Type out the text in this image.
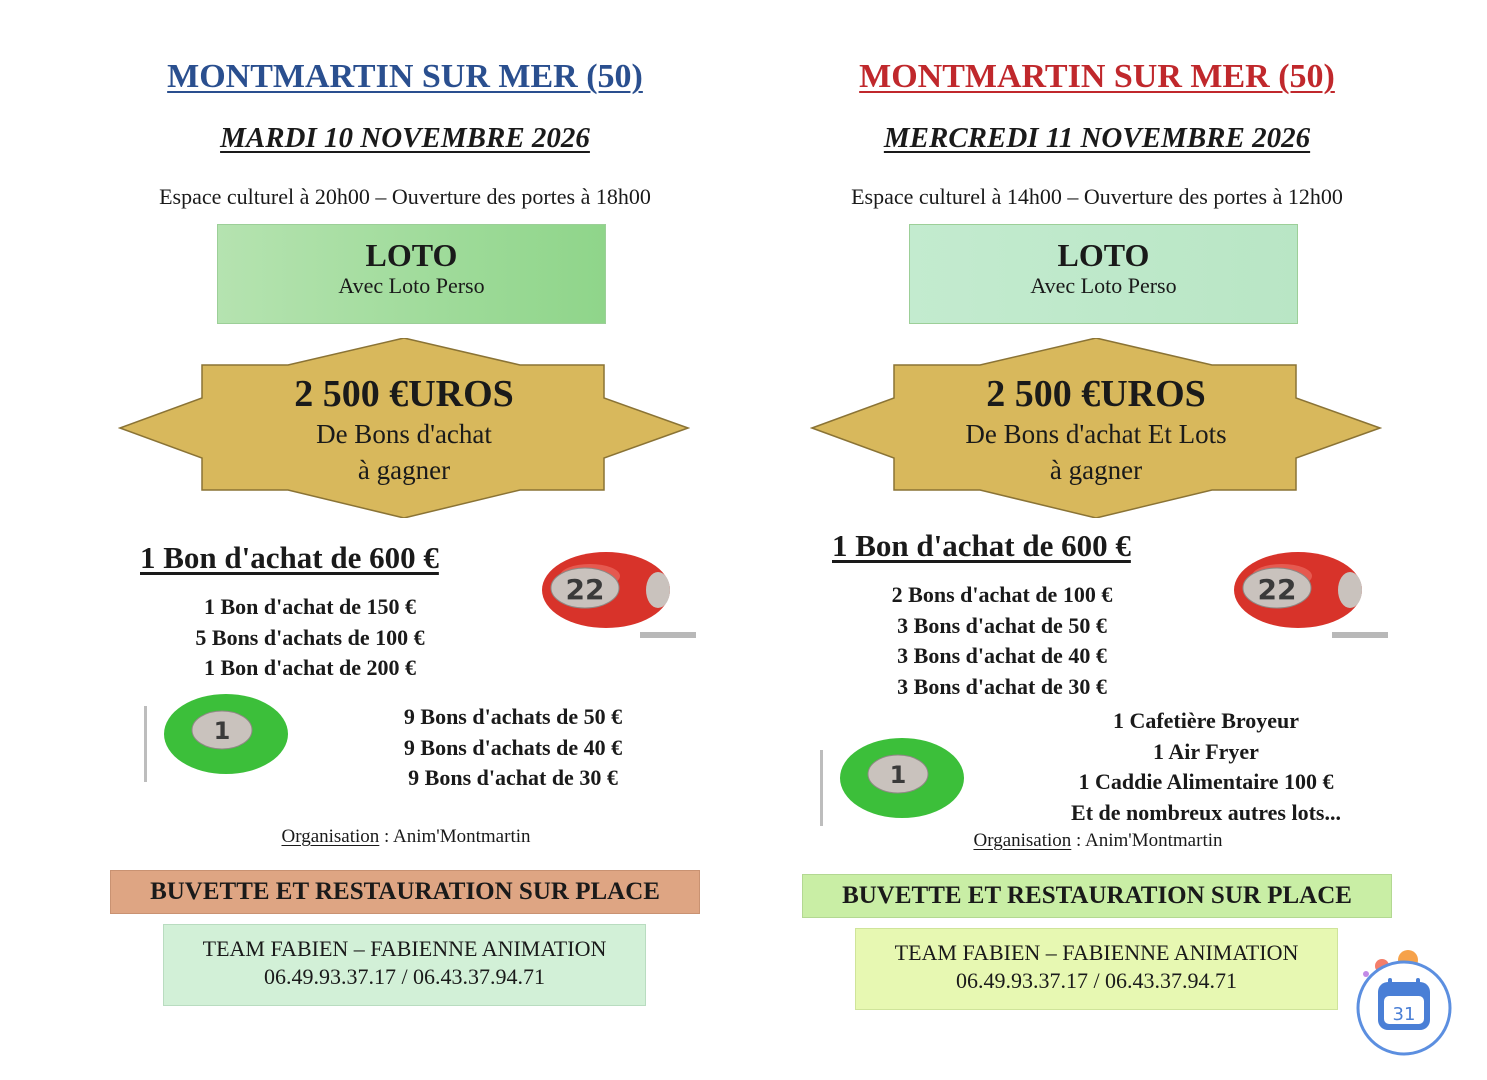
MONTMARTIN SUR MER (50)
MARDI 10 NOVEMBRE 2026
Espace culturel à 20h00 – Ouverture des portes à 18h00
LOTO
Avec Loto Perso
2 500 €UROS
De Bons d'achat
à gagner
1 Bon d'achat de 600 €
22
1 Bon d'achat de 150 €
5 Bons d'achats de 100 €
1 Bon d'achat de 200 €
1
9 Bons d'achats de 50 €
9 Bons d'achats de 40 €
9 Bons d'achat de 30 €
Organisation : Anim'Montmartin
BUVETTE ET RESTAURATION SUR PLACE
TEAM FABIEN – FABIENNE ANIMATION
06.49.93.37.17 / 06.43.37.94.71
MONTMARTIN SUR MER (50)
MERCREDI 11 NOVEMBRE 2026
Espace culturel à 14h00 – Ouverture des portes à 12h00
LOTO
Avec Loto Perso
2 500 €UROS
De Bons d'achat Et Lots
à gagner
1 Bon d'achat de 600 €
22
2 Bons d'achat de 100 €
3 Bons d'achat de 50 €
3 Bons d'achat de 40 €
3 Bons d'achat de 30 €
1
1 Cafetière Broyeur
1 Air Fryer
1 Caddie Alimentaire 100 €
Et de nombreux autres lots...
Organisation : Anim'Montmartin
BUVETTE ET RESTAURATION SUR PLACE
TEAM FABIEN – FABIENNE ANIMATION
06.49.93.37.17 / 06.43.37.94.71
31
